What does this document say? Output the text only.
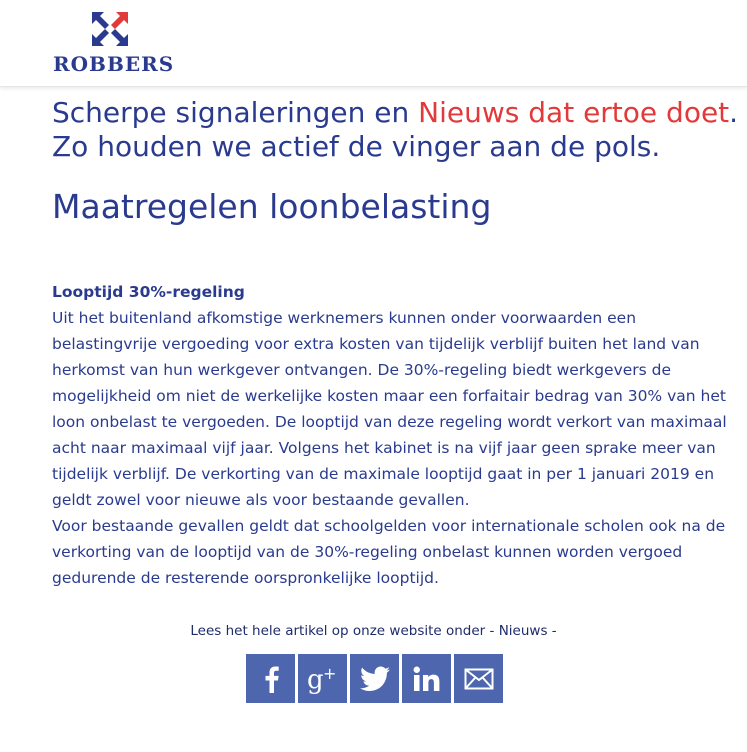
ROBBERS
Scherpe signaleringen en Nieuws dat ertoe doet. Zo houden we actief de vinger aan de pols.
Maatregelen loonbelasting
Looptijd 30%-regeling

Uit het buitenland afkomstige werknemers kunnen onder voorwaarden een belastingvrije vergoeding voor extra kosten van tijdelijk verblijf buiten het land van herkomst van hun werkgever ontvangen. De 30%-regeling biedt werkgevers de mogelijkheid om niet de werkelijke kosten maar een forfaitair bedrag van 30% van het loon onbelast te vergoeden. De looptijd van deze regeling wordt verkort van maximaal acht naar maximaal vijf jaar. Volgens het kabinet is na vijf jaar geen sprake meer van tijdelijk verblijf. De verkorting van de maximale looptijd gaat in per 1 januari 2019 en geldt zowel voor nieuwe als voor bestaande gevallen.

Voor bestaande gevallen geldt dat schoolgelden voor internationale scholen ook na de verkorting van de looptijd van de 30%-regeling onbelast kunnen worden vergoed gedurende de resterende oorspronkelijke looptijd.

Lees het hele artikel op onze website onder - Nieuws -
g +
